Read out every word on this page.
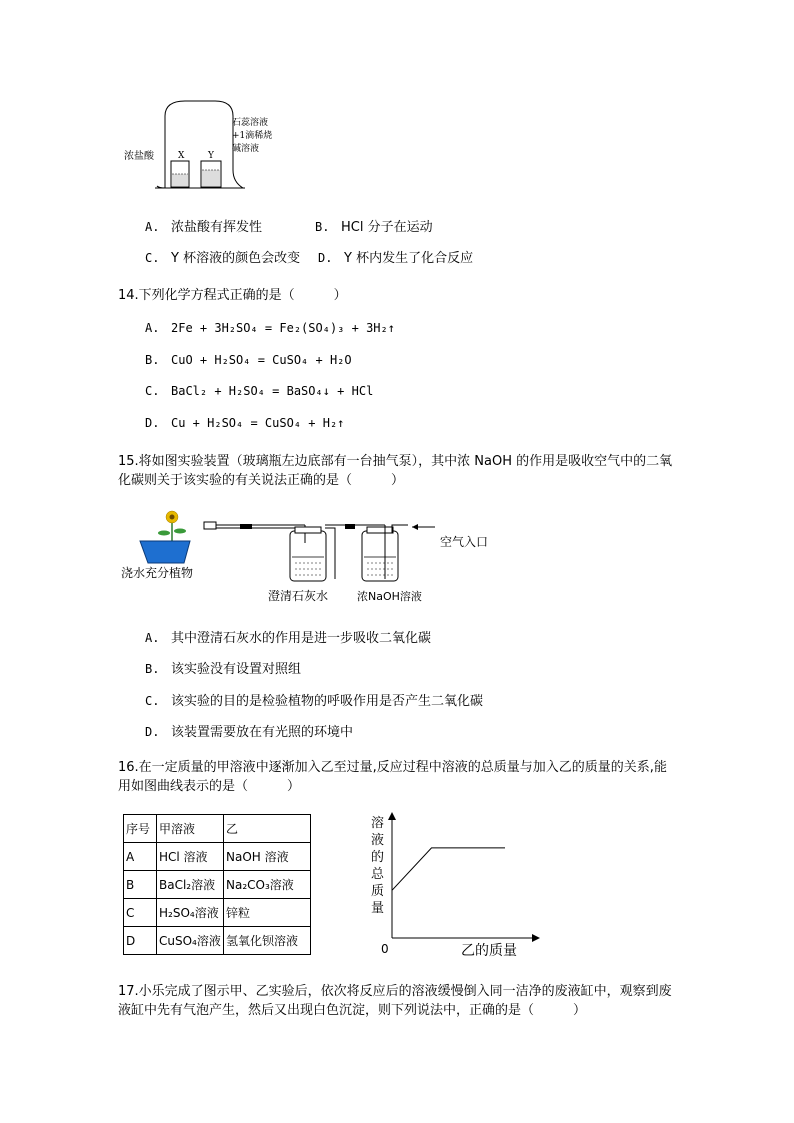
浓盐酸	X	Y
石蕊溶液
+1滴稀烧
碱溶液
A. 浓盐酸有挥发性	B. HCl 分子在运动
C. Y 杯溶液的颜色会改变 D. Y 杯内发生了化合反应
14.下列化学方程式正确的是（　　　）
A. 2Fe + 3H₂SO₄ = Fe₂(SO₄)₃ + 3H₂↑
B. CuO + H₂SO₄ = CuSO₄ + H₂O
C. BaCl₂ + H₂SO₄ = BaSO₄↓ + HCl
D. Cu + H₂SO₄ = CuSO₄ + H₂↑
15.将如图实验装置（玻璃瓶左边底部有一台抽气泵），其中浓 NaOH 的作用是吸收空气中的二氧化碳则关于该实验的有关说法正确的是（　　　）
浇水充分植物
澄清石灰水	浓NaOH溶液
空气入口
A. 其中澄清石灰水的作用是进一步吸收二氧化碳
B. 该实验没有设置对照组
C. 该实验的目的是检验植物的呼吸作用是否产生二氧化碳
D. 该装置需要放在有光照的环境中
16.在一定质量的甲溶液中逐渐加入乙至过量,反应过程中溶液的总质量与加入乙的质量的关系,能用如图曲线表示的是（　　　）
序号	甲溶液	乙
A	HCl 溶液	NaOH 溶液
B	BaCl₂溶液	Na₂CO₃溶液
C	H₂SO₄溶液	锌粒
D	CuSO₄溶液	氢氧化钡溶液
溶液的总质量
0	乙的质量
17.小乐完成了图示甲、乙实验后，依次将反应后的溶液缓慢倒入同一洁净的废液缸中，观察到废液缸中先有气泡产生，然后又出现白色沉淀，则下列说法中，正确的是（　　　）
